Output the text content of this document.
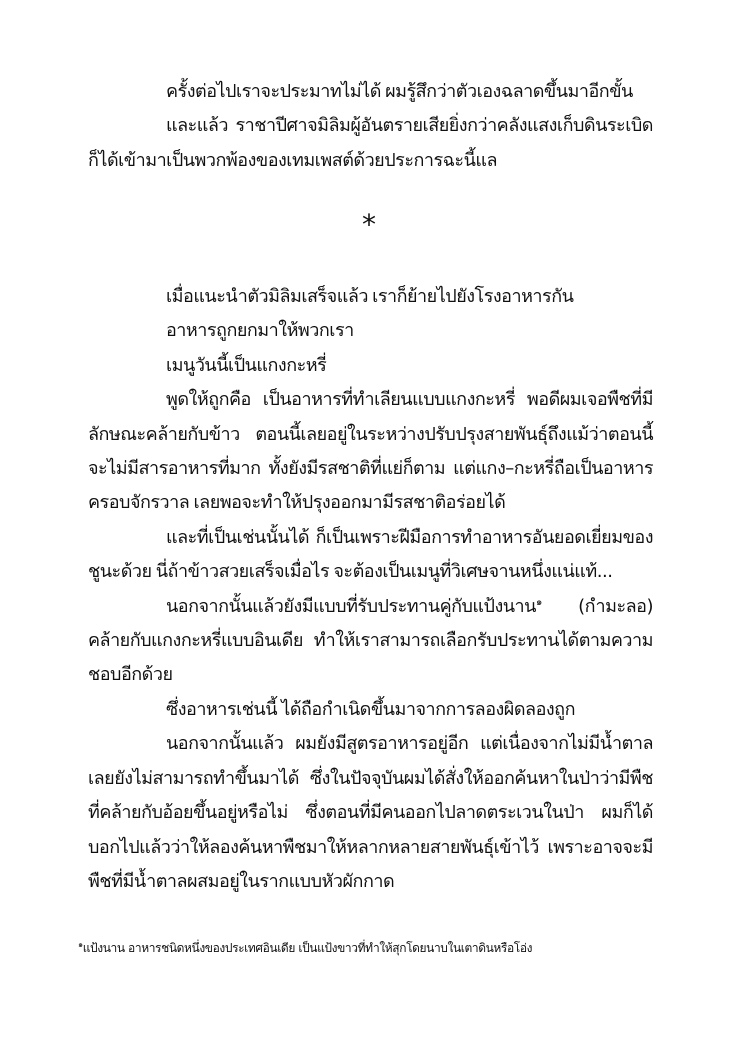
ครั้งต่อไปเราจะประมาทไม่ได้ ผมรู้สึกว่าตัวเองฉลาดขึ้นมาอีกขั้น

และแล้ว ราชาปีศาจมิลิมผู้อันตรายเสียยิ่งกว่าคลังแสงเก็บดินระเบิด ก็ได้เข้ามาเป็นพวกพ้องของเทมเพสต์ด้วยประการฉะนี้แล

*

เมื่อแนะนำตัวมิลิมเสร็จแล้ว เราก็ย้ายไปยังโรงอาหารกัน

อาหารถูกยกมาให้พวกเรา

เมนูวันนี้เป็นแกงกะหรี่

พูดให้ถูกคือ เป็นอาหารที่ทำเลียนแบบแกงกะหรี่ พอดีผมเจอพืชที่มีลักษณะคล้ายกับข้าว ตอนนี้เลยอยู่ในระหว่างปรับปรุงสายพันธุ์ถึงแม้ว่าตอนนี้จะไม่มีสารอาหารที่มาก ทั้งยังมีรสชาติที่แย่ก็ตาม แต่แกง–กะหรี่ถือเป็นอาหารครอบจักรวาล เลยพอจะทำให้ปรุงออกมามีรสชาติอร่อยได้

และที่เป็นเช่นนั้นได้ ก็เป็นเพราะฝีมือการทำอาหารอันยอดเยี่ยมของชูนะด้วย นี่ถ้าข้าวสวยเสร็จเมื่อไร จะต้องเป็นเมนูที่วิเศษจานหนึ่งแน่แท้...

นอกจากนั้นแล้วยังมีแบบที่รับประทานคู่กับแป้งนาน$^๑$ (กำมะลอ) คล้ายกับแกงกะหรี่แบบอินเดีย ทำให้เราสามารถเลือกรับประทานได้ตามความชอบอีกด้วย

ซึ่งอาหารเช่นนี้ ได้ถือกำเนิดขึ้นมาจากการลองผิดลองถูก

นอกจากนั้นแล้ว ผมยังมีสูตรอาหารอยู่อีก แต่เนื่องจากไม่มีน้ำตาล เลยยังไม่สามารถทำขึ้นมาได้ ซึ่งในปัจจุบันผมได้สั่งให้ออกค้นหาในป่าว่ามีพืชที่คล้ายกับอ้อยขึ้นอยู่หรือไม่ ซึ่งตอนที่มีคนออกไปลาดตระเวนในป่า ผมก็ได้บอกไปแล้วว่าให้ลองค้นหาพืชมาให้หลากหลายสายพันธุ์เข้าไว้ เพราะอาจจะมีพืชที่มีน้ำตาลผสมอยู่ในรากแบบหัวผักกาด

$^๑$แป้งนาน อาหารชนิดหนึ่งของประเทศอินเดีย เป็นแป้งขาวที่ทำให้สุกโดยนาบในเตาดินหรือโอ่ง
